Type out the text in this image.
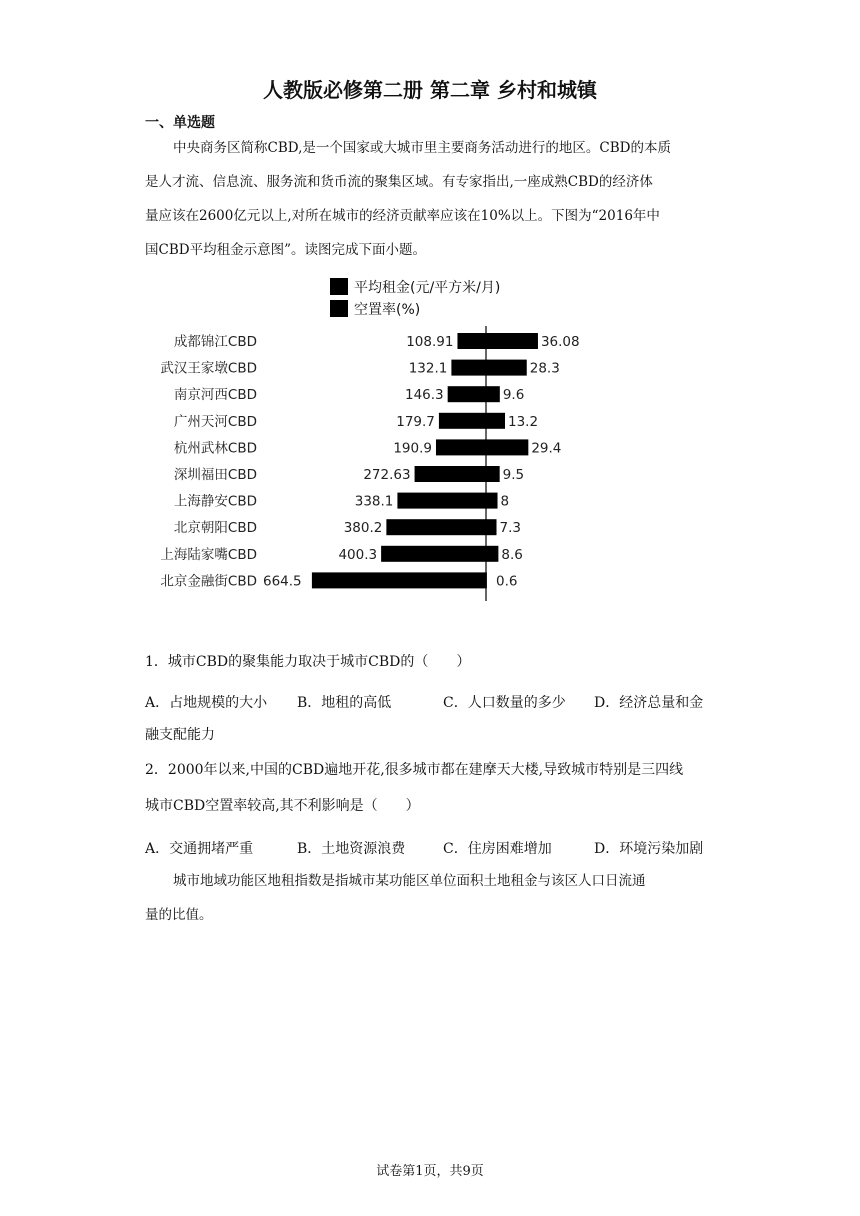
人教版必修第二册 第二章 乡村和城镇
一、单选题
中央商务区简称CBD,是一个国家或大城市里主要商务活动进行的地区。CBD的本质
是人才流、信息流、服务流和货币流的聚集区域。有专家指出,一座成熟CBD的经济体
量应该在2600亿元以上,对所在城市的经济贡献率应该在10%以上。下图为“2016年中
国CBD平均租金示意图”。读图完成下面小题。
平均租金(元/平方米/月)
空置率(%)
成都锦江CBD	108.91	36.08
武汉王家墩CBD	132.1	28.3
南京河西CBD	146.3	9.6
广州天河CBD	179.7	13.2
杭州武林CBD	190.9	29.4
深圳福田CBD	272.63	9.5
上海静安CBD	338.1	8
北京朝阳CBD	380.2	7.3
上海陆家嘴CBD	400.3	8.6
北京金融街CBD 664.5	0.6
1．城市CBD的聚集能力取决于城市CBD的（　　）
A．占地规模的大小 B．地租的高低	C．人口数量的多少 D．经济总量和金
融支配能力
2．2000年以来,中国的CBD遍地开花,很多城市都在建摩天大楼,导致城市特别是三四线
城市CBD空置率较高,其不利影响是（　　）
A．交通拥堵严重	B．土地资源浪费	C．住房困难增加	D．环境污染加剧
城市地域功能区地租指数是指城市某功能区单位面积土地租金与该区人口日流通
量的比值。
试卷第1页，共9页
